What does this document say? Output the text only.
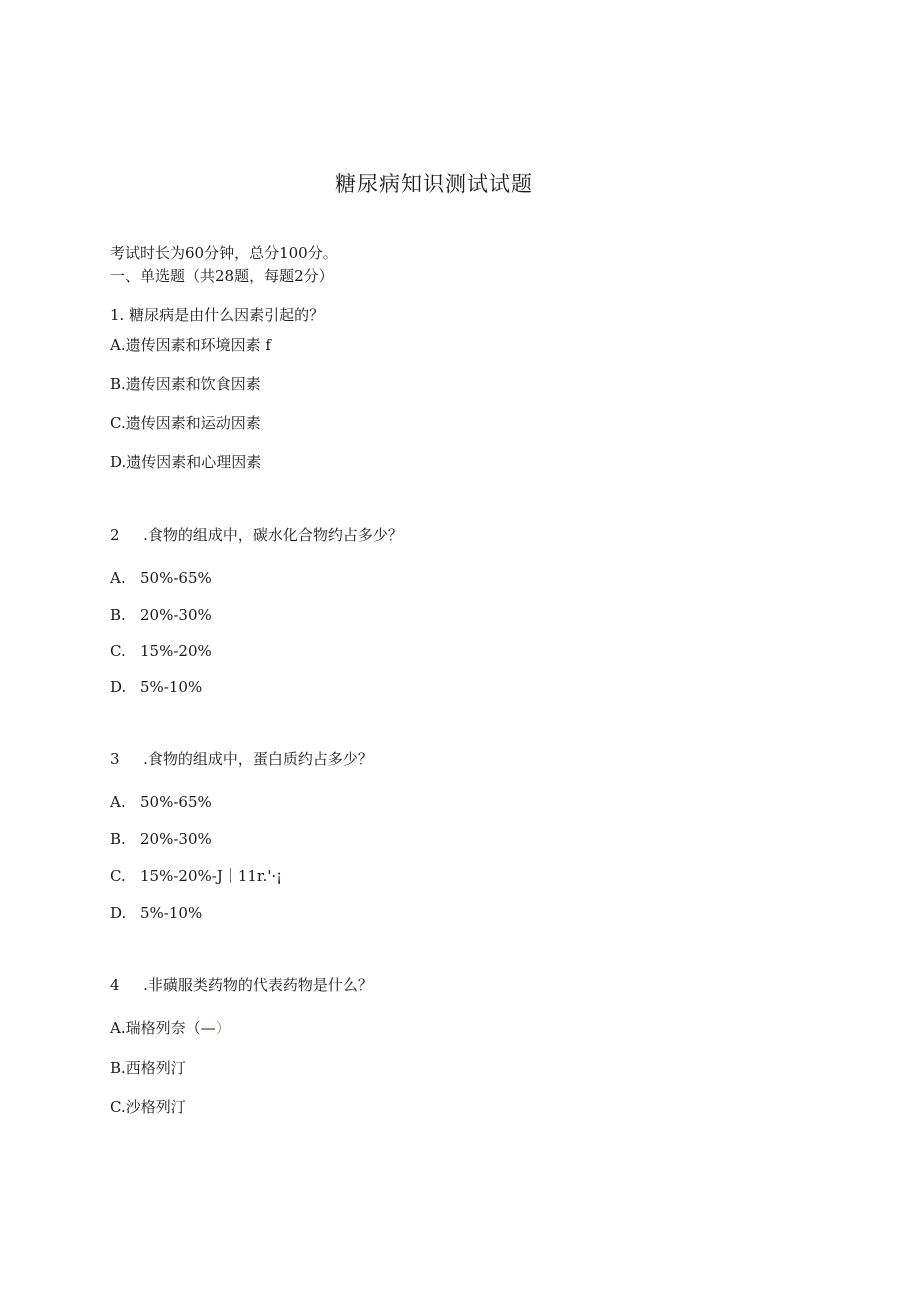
糖尿病知识测试试题
考试时长为60分钟，总分100分。
一、单选题（共28题，每题2分）
1. 糖尿病是由什么因素引起的？
A.遗传因素和环境因素 f
B.遗传因素和饮食因素
C.遗传因素和运动因素
D.遗传因素和心理因素
2 .食物的组成中，碳水化合物约占多少？
A. 50%-65%
B. 20%-30%
C. 15%-20%
D. 5%-10%
3 .食物的组成中，蛋白质约占多少？
A. 50%-65%
B. 20%-30%
C. 15%-20%-J｜11r.'·¡
D. 5%-10%
4 .非磺服类药物的代表药物是什么？
A.瑞格列奈（—）
B.西格列汀
C.沙格列汀
